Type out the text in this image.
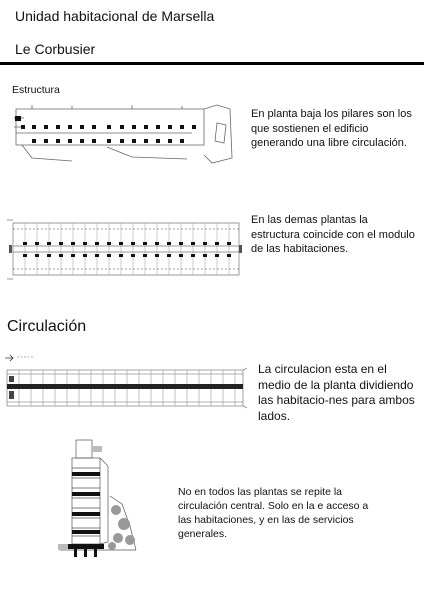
Unidad habitacional de Marsella
Le Corbusier
Estructura
En planta baja los pilares son los que sostienen el edificio generando una libre circulación.
En las demas plantas la estructura coincide con el modulo de las habitaciones.
Circulación
La circulacion esta en el medio de la planta dividiendo las habitacio-nes para ambos lados.
No en todos las plantas se repite la circulación central. Solo en la e acceso a las habitaciones, y en las de servicios generales.
